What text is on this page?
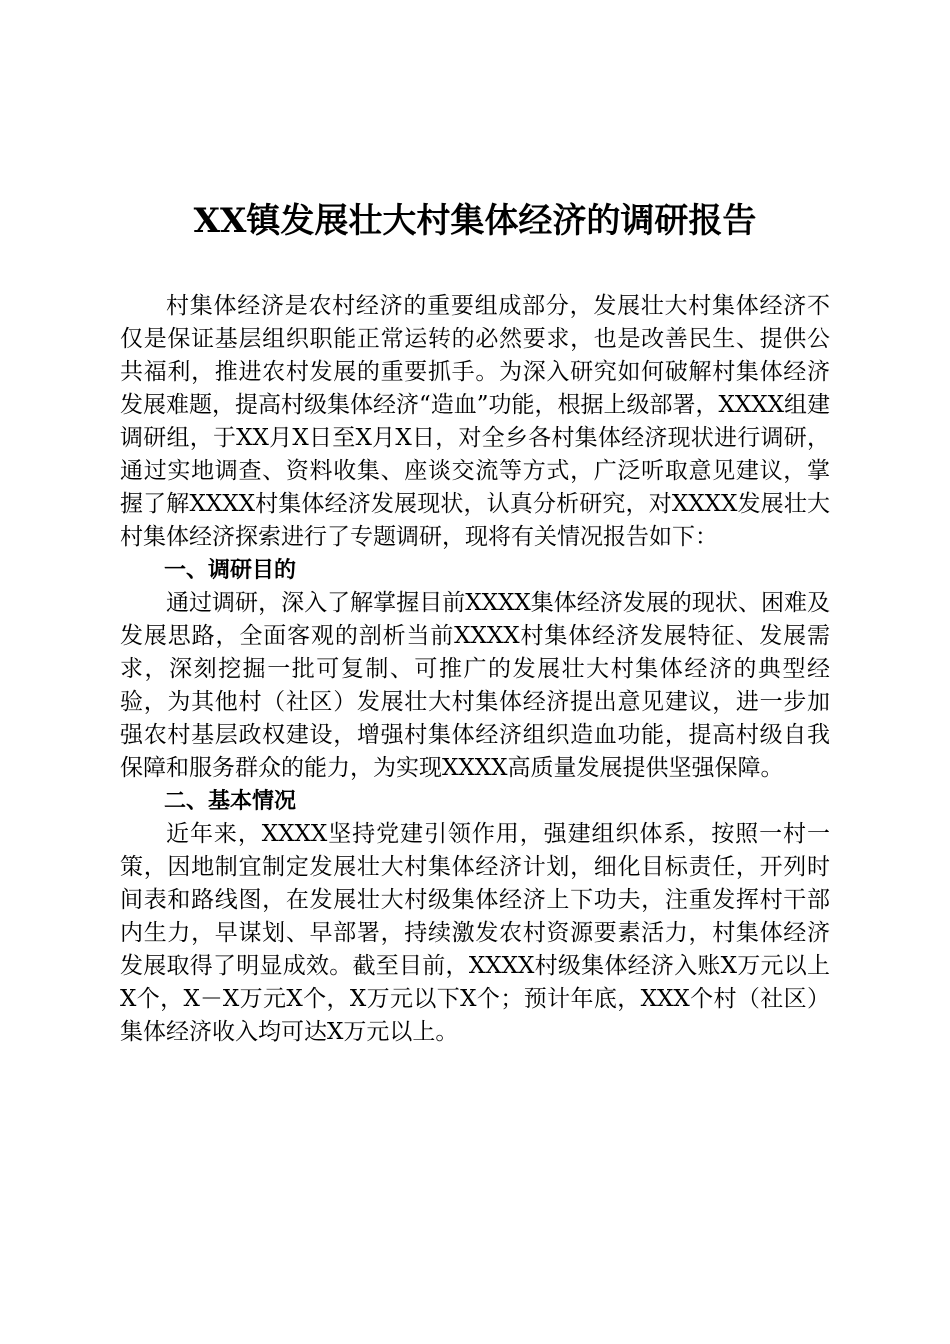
XX镇发展壮大村集体经济的调研报告

村集体经济是农村经济的重要组成部分，发展壮大村集体经济不仅是保证基层组织职能正常运转的必然要求，也是改善民生、提供公共福利，推进农村发展的重要抓手。为深入研究如何破解村集体经济发展难题，提高村级集体经济“造血”功能，根据上级部署，XXXX组建调研组，于XX月X日至X月X日，对全乡各村集体经济现状进行调研，通过实地调查、资料收集、座谈交流等方式，广泛听取意见建议，掌握了解XXXX村集体经济发展现状，认真分析研究，对XXXX发展壮大村集体经济探索进行了专题调研，现将有关情况报告如下：

一、调研目的

通过调研，深入了解掌握目前XXXX集体经济发展的现状、困难及发展思路，全面客观的剖析当前XXXX村集体经济发展特征、发展需求，深刻挖掘一批可复制、可推广的发展壮大村集体经济的典型经验，为其他村（社区）发展壮大村集体经济提出意见建议，进一步加强农村基层政权建设，增强村集体经济组织造血功能，提高村级自我保障和服务群众的能力，为实现XXXX高质量发展提供坚强保障。

二、基本情况

近年来，XXXX坚持党建引领作用，强建组织体系，按照一村一策，因地制宜制定发展壮大村集体经济计划，细化目标责任，开列时间表和路线图，在发展壮大村级集体经济上下功夫，注重发挥村干部内生力，早谋划、早部署，持续激发农村资源要素活力，村集体经济发展取得了明显成效。截至目前，XXXX村级集体经济入账X万元以上X个，X－X万元X个，X万元以下X个；预计年底，XXX个村（社区）集体经济收入均可达X万元以上。
